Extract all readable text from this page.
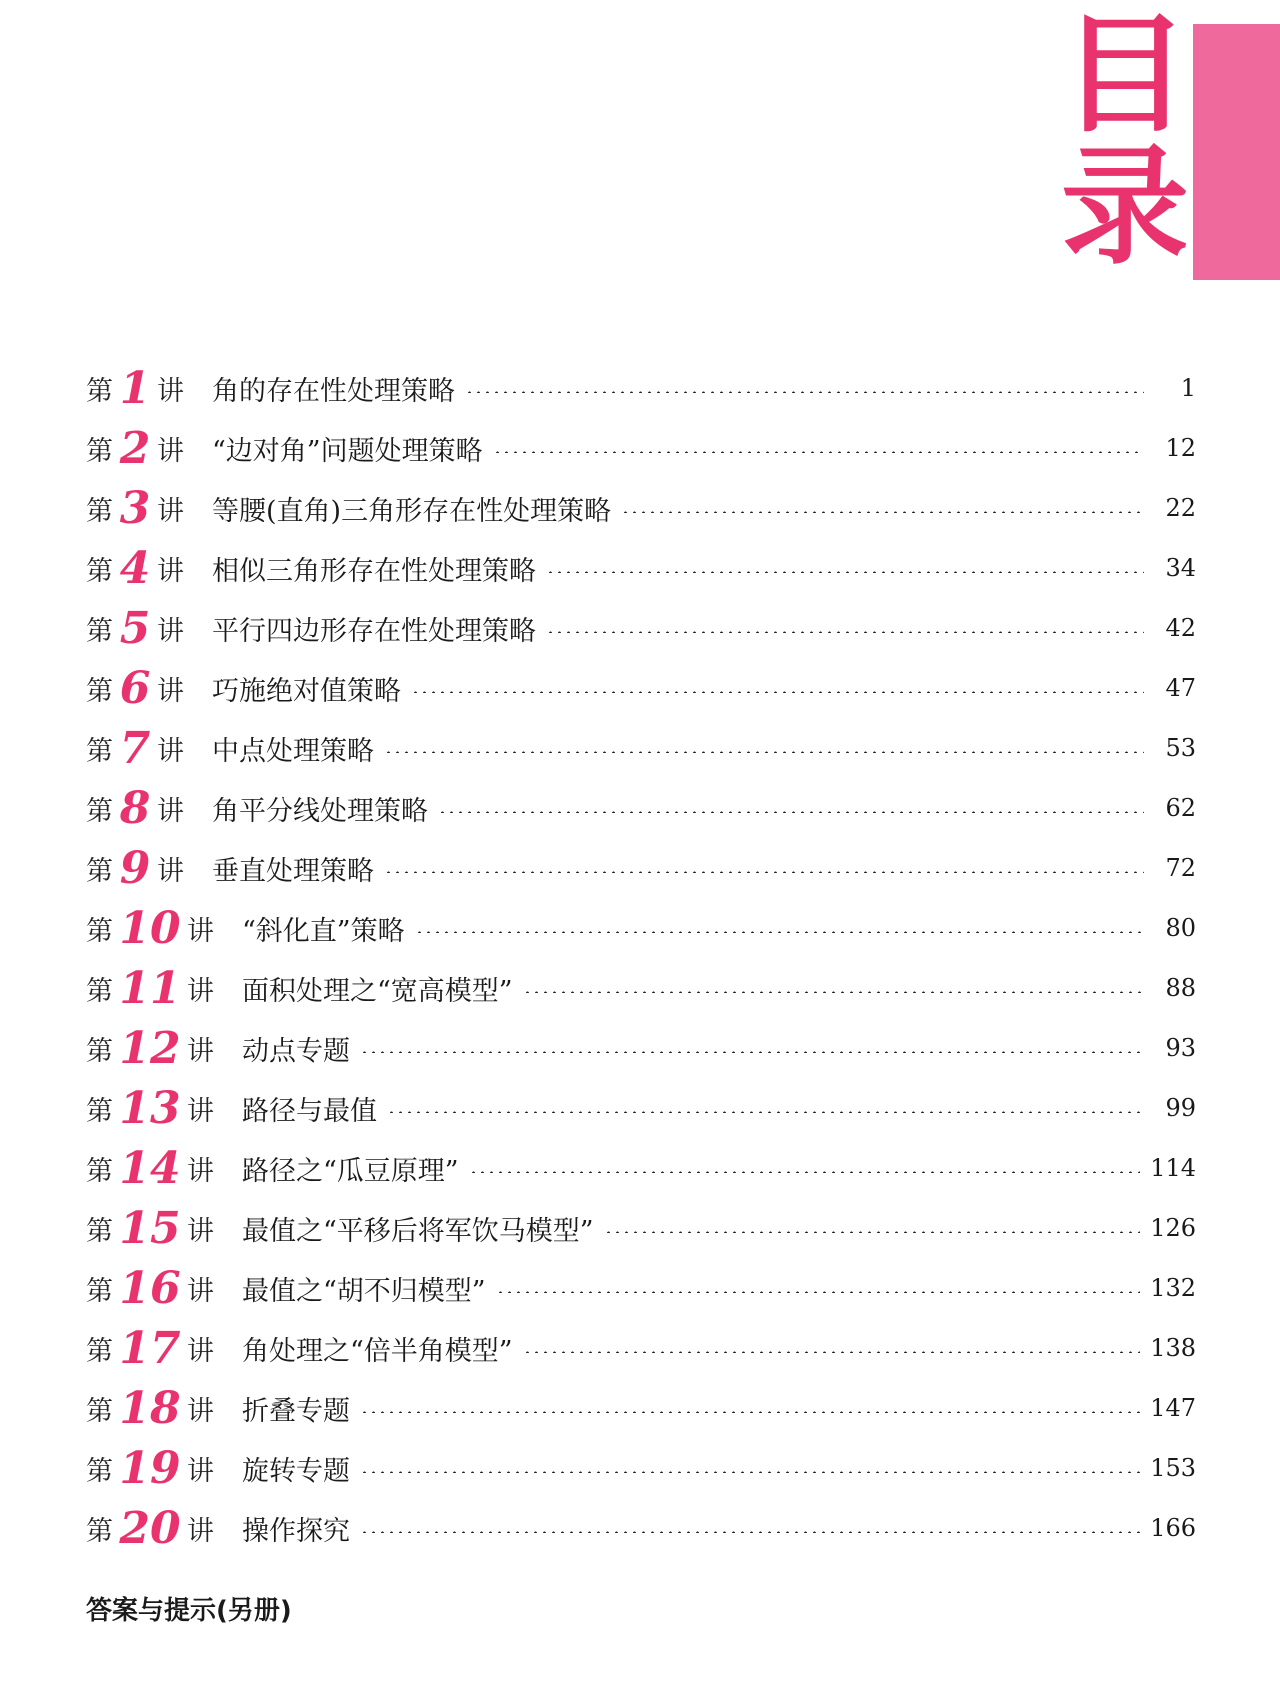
目
录
第 1 讲 角的存在性处理策略	1
第 2 讲 “边对角”问题处理策略	12
第 3 讲 等腰(直角)三角形存在性处理策略	22
第 4 讲 相似三角形存在性处理策略	34
第 5 讲 平行四边形存在性处理策略	42
第 6 讲 巧施绝对值策略	47
第 7 讲 中点处理策略	53
第 8 讲 角平分线处理策略	62
第 9 讲 垂直处理策略	72
第 10 讲 “斜化直”策略	80
第 11 讲 面积处理之“宽高模型”	88
第 12 讲 动点专题	93
第 13 讲 路径与最值	99
第 14 讲 路径之“瓜豆原理”	114
第 15 讲 最值之“平移后将军饮马模型”	126
第 16 讲 最值之“胡不归模型”	132
第 17 讲 角处理之“倍半角模型”	138
第 18 讲 折叠专题	147
第 19 讲 旋转专题	153
第 20 讲 操作探究	166
答案与提示(另册)
